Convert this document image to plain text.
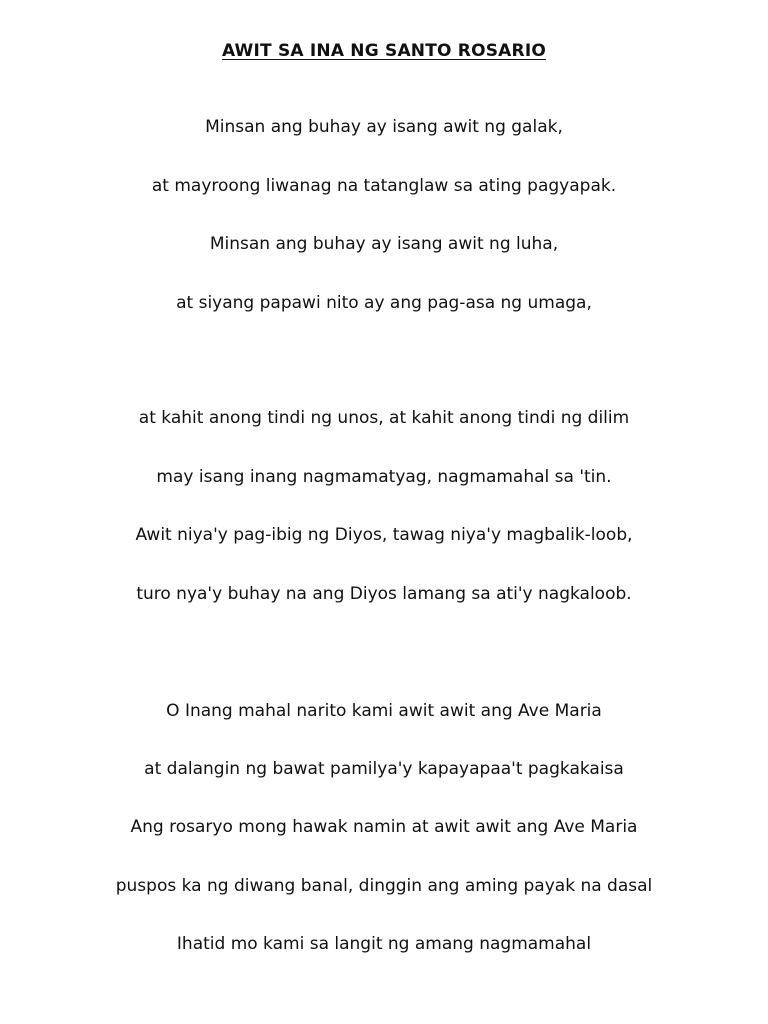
AWIT SA INA NG SANTO ROSARIO
Minsan ang buhay ay isang awit ng galak,
at mayroong liwanag na tatanglaw sa ating pagyapak.
Minsan ang buhay ay isang awit ng luha,
at siyang papawi nito ay ang pag-asa ng umaga,
at kahit anong tindi ng unos, at kahit anong tindi ng dilim
may isang inang nagmamatyag, nagmamahal sa 'tin.
Awit niya'y pag-ibig ng Diyos, tawag niya'y magbalik-loob,
turo nya'y buhay na ang Diyos lamang sa ati'y nagkaloob.
O Inang mahal narito kami awit awit ang Ave Maria
at dalangin ng bawat pamilya'y kapayapaa't pagkakaisa
Ang rosaryo mong hawak namin at awit awit ang Ave Maria
puspos ka ng diwang banal, dinggin ang aming payak na dasal
Ihatid mo kami sa langit ng amang nagmamahal
